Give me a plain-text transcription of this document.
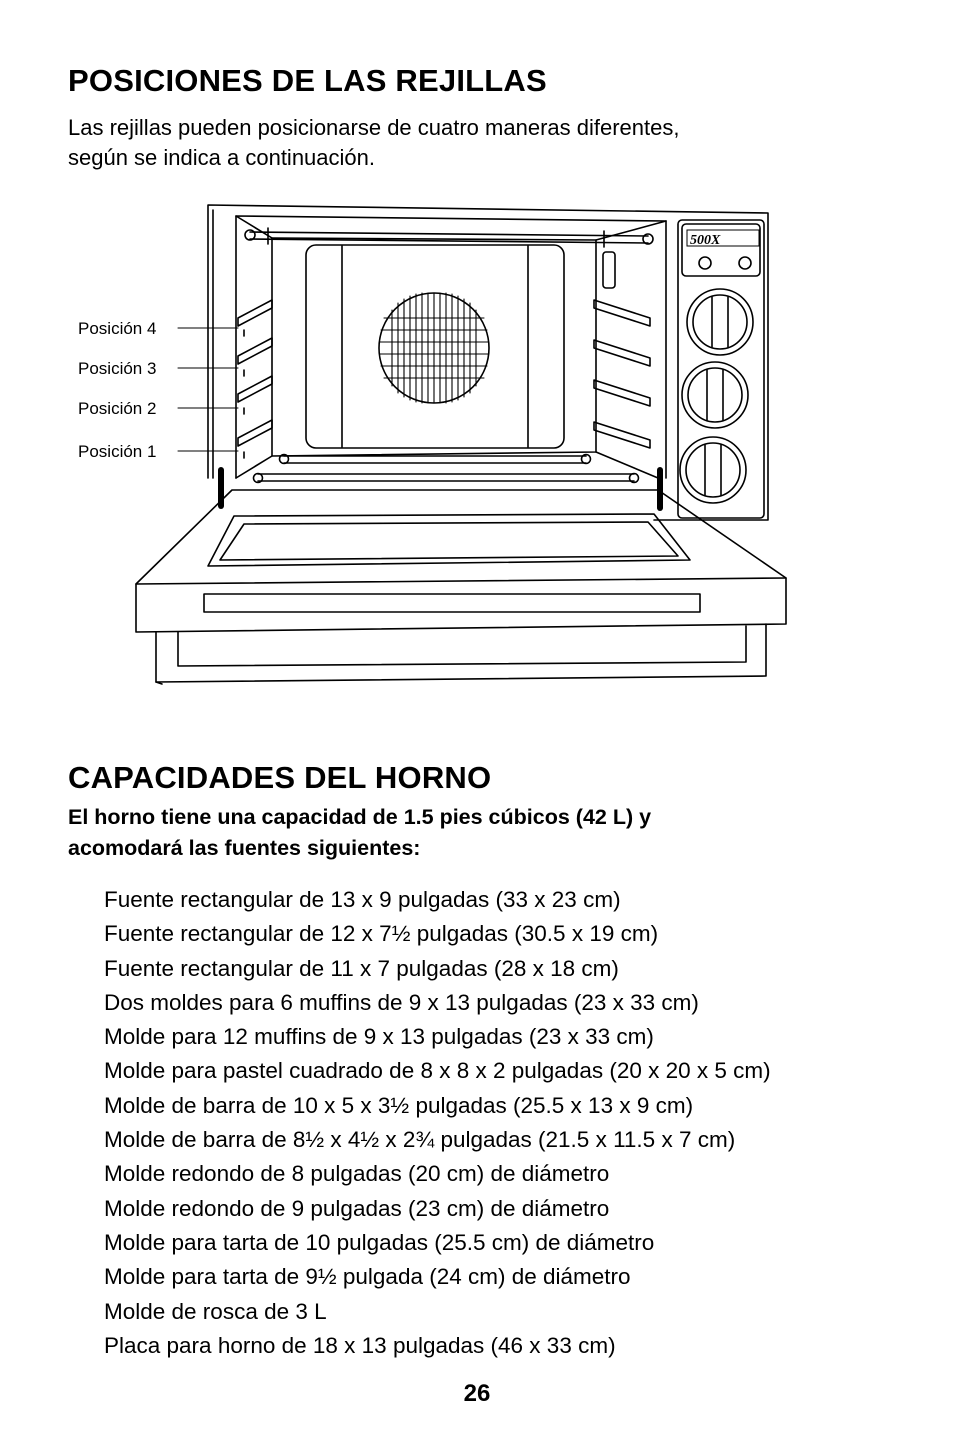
POSICIONES DE LAS REJILLAS

Las rejillas pueden posicionarse de cuatro maneras diferentes,
según se indica a continuación.

500X
Posición 4
Posición 3
Posición 2
Posición 1
CAPACIDADES DEL HORNO

El horno tiene una capacidad de 1.5 pies cúbicos (42 L) y
acomodará las fuentes siguientes:

Fuente rectangular de 13 x 9 pulgadas (33 x 23 cm)
Fuente rectangular de 12 x 7½ pulgadas (30.5 x 19 cm)
Fuente rectangular de 11 x 7 pulgadas (28 x 18 cm)
Dos moldes para 6 muffins de 9 x 13 pulgadas (23 x 33 cm)
Molde para 12 muffins de 9 x 13 pulgadas (23 x 33 cm)
Molde para pastel cuadrado de 8 x 8 x 2 pulgadas (20 x 20 x 5 cm)
Molde de barra de 10 x 5 x 3½ pulgadas (25.5 x 13 x 9 cm)
Molde de barra de 8½ x 4½ x 2¾ pulgadas (21.5 x 11.5 x 7 cm)
Molde redondo de 8 pulgadas (20 cm) de diámetro
Molde redondo de 9 pulgadas (23 cm) de diámetro
Molde para tarta de 10 pulgadas (25.5 cm) de diámetro
Molde para tarta de 9½ pulgada (24 cm) de diámetro
Molde de rosca de 3 L
Placa para horno de 18 x 13 pulgadas (46 x 33 cm)
26
